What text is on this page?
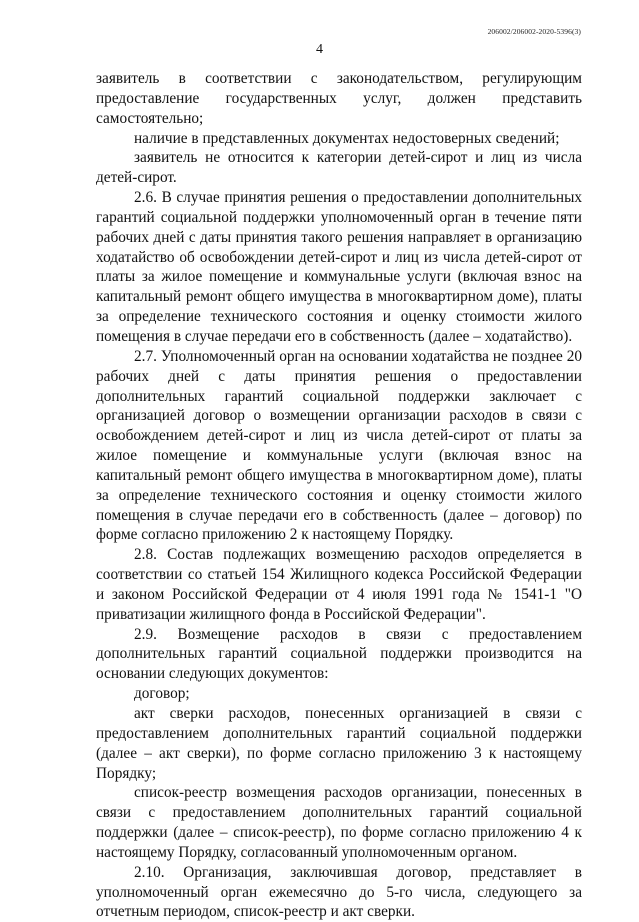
206002/206002-2020-5396(3)
4

заявитель в соответствии с законодательством, регулирующим предоставление государственных услуг, должен представить самостоятельно;

наличие в представленных документах недостоверных сведений;

заявитель не относится к категории детей-сирот и лиц из числа детей-сирот.

2.6. В случае принятия решения о предоставлении дополнительных гарантий социальной поддержки уполномоченный орган в течение пяти рабочих дней с даты принятия такого решения направляет в организацию ходатайство об освобождении детей-сирот и лиц из числа детей-сирот от платы за жилое помещение и коммунальные услуги (включая взнос на капитальный ремонт общего имущества в многоквартирном доме), платы за определение технического состояния и оценку стоимости жилого помещения в случае передачи его в собственность (далее – ходатайство).

2.7. Уполномоченный орган на основании ходатайства не позднее 20 рабочих дней с даты принятия решения о предоставлении дополнительных гарантий социальной поддержки заключает с организацией договор о возмещении организации расходов в связи с освобождением детей-сирот и лиц из числа детей-сирот от платы за жилое помещение и коммунальные услуги (включая взнос на капитальный ремонт общего имущества в многоквартирном доме), платы за определение технического состояния и оценку стоимости жилого помещения в случае передачи его в собственность (далее – договор) по форме согласно приложению 2 к настоящему Порядку.

2.8. Состав подлежащих возмещению расходов определяется в соответствии со статьей 154 Жилищного кодекса Российской Федерации и законом Российской Федерации от 4 июля 1991 года № 1541-1 "О приватизации жилищного фонда в Российской Федерации".

2.9. Возмещение расходов в связи с предоставлением дополнительных гарантий социальной поддержки производится на основании следующих документов:

договор;

акт сверки расходов, понесенных организацией в связи с предоставлением дополнительных гарантий социальной поддержки (далее – акт сверки), по форме согласно приложению 3 к настоящему Порядку;

список-реестр возмещения расходов организации, понесенных в связи с предоставлением дополнительных гарантий социальной поддержки (далее – список-реестр), по форме согласно приложению 4 к настоящему Порядку, согласованный уполномоченным органом.

2.10. Организация, заключившая договор, представляет в уполномоченный орган ежемесячно до 5-го числа, следующего за отчетным периодом, список-реестр и акт сверки.
